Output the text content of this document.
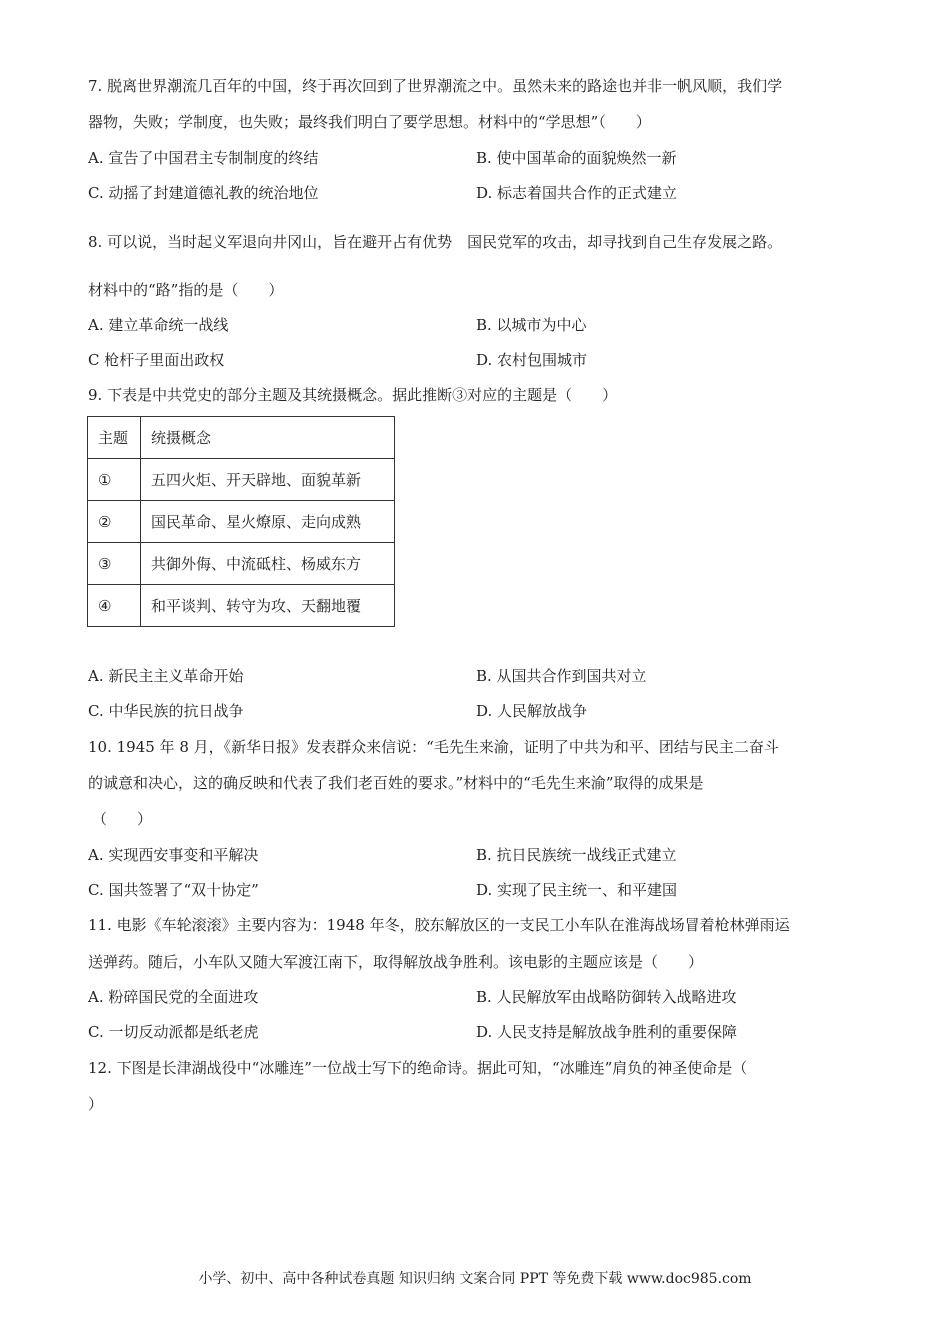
7. 脱离世界潮流几百年的中国，终于再次回到了世界潮流之中。虽然未来的路途也并非一帆风顺，我们学
器物，失败；学制度，也失败；最终我们明白了要学思想。材料中的“学思想”（　　）
A. 宣告了中国君主专制制度的终结	B. 使中国革命的面貌焕然一新
C. 动摇了封建道德礼教的统治地位	D. 标志着国共合作的正式建立
8. 可以说，当时起义军退向井冈山，旨在避开占有优势　国民党军的攻击，却寻找到自己生存发展之路。
材料中的“路”指的是（　　）
A. 建立革命统一战线	B. 以城市为中心
C 枪杆子里面出政权	D. 农村包围城市
9. 下表是中共党史的部分主题及其统摄概念。据此推断③对应的主题是（　　）
主题	统摄概念
①	五四火炬、开天辟地、面貌革新
②	国民革命、星火燎原、走向成熟
③	共御外侮、中流砥柱、杨威东方
④	和平谈判、转守为攻、天翻地覆
A. 新民主主义革命开始	B. 从国共合作到国共对立
C. 中华民族的抗日战争	D. 人民解放战争
10. 1945 年 8 月，《新华日报》发表群众来信说：“毛先生来渝，证明了中共为和平、团结与民主二奋斗
的诚意和决心，这的确反映和代表了我们老百姓的要求。”材料中的“毛先生来渝”取得的成果是
（　　）
A. 实现西安事变和平解决	B. 抗日民族统一战线正式建立
C. 国共签署了“双十协定”	D. 实现了民主统一、和平建国
11. 电影《车轮滚滚》主要内容为：1948 年冬，胶东解放区的一支民工小车队在淮海战场冒着枪林弹雨运
送弹药。随后，小车队又随大军渡江南下，取得解放战争胜利。该电影的主题应该是（　　）
A. 粉碎国民党的全面进攻	B. 人民解放军由战略防御转入战略进攻
C. 一切反动派都是纸老虎	D. 人民支持是解放战争胜利的重要保障
12. 下图是长津湖战役中“冰雕连”一位战士写下的绝命诗。据此可知，“冰雕连”肩负的神圣使命是（
）
小学、初中、高中各种试卷真题 知识归纳 文案合同 PPT 等免费下载 www.doc985.com
